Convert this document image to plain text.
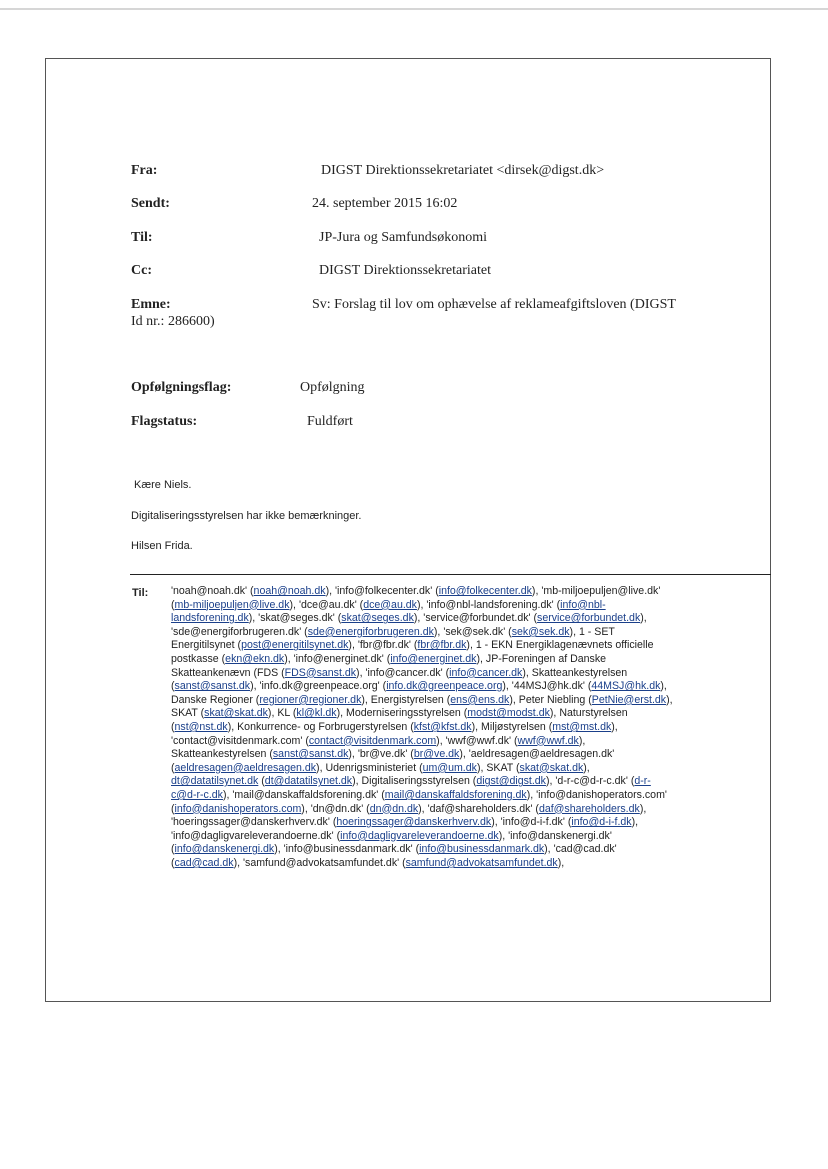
Fra:	DIGST Direktionssekretariatet <dirsek@digst.dk>
Sendt:	24. september 2015 16:02
Til:	JP-Jura og Samfundsøkonomi
Cc:	DIGST Direktionssekretariatet
Emne:	Sv: Forslag til lov om ophævelse af reklameafgiftsloven (DIGST
Id nr.: 286600)
Opfølgningsflag:	Opfølgning
Flagstatus:	Fuldført
Kære Niels.
Digitaliseringsstyrelsen har ikke bemærkninger.
Hilsen Frida.
Til: 'noah@noah.dk' (noah@noah.dk), 'info@folkecenter.dk' (info@folkecenter.dk), 'mb-miljoepuljen@live.dk' (mb-miljoepuljen@live.dk), 'dce@au.dk' (dce@au.dk), 'info@nbl-landsforening.dk' (info@nbl-landsforening.dk), 'skat@seges.dk' (skat@seges.dk), 'service@forbundet.dk' (service@forbundet.dk), 'sde@energiforbrugeren.dk' (sde@energiforbrugeren.dk), 'sek@sek.dk' (sek@sek.dk), 1 - SET Energitilsynet (post@energitilsynet.dk), 'fbr@fbr.dk' (fbr@fbr.dk), 1 - EKN Energiklagenævnets officielle postkasse (ekn@ekn.dk), 'info@energinet.dk' (info@energinet.dk), JP-Foreningen af Danske Skatteankenævn (FDS (FDS@sanst.dk), 'info@cancer.dk' (info@cancer.dk), Skatteankestyrelsen (sanst@sanst.dk), 'info.dk@greenpeace.org' (info.dk@greenpeace.org), '44MSJ@hk.dk' (44MSJ@hk.dk), Danske Regioner (regioner@regioner.dk), Energistyrelsen (ens@ens.dk), Peter Niebling (PetNie@erst.dk), SKAT (skat@skat.dk), KL (kl@kl.dk), Moderniseringsstyrelsen (modst@modst.dk), Naturstyrelsen (nst@nst.dk), Konkurrence- og Forbrugerstyrelsen (kfst@kfst.dk), Miljøstyrelsen (mst@mst.dk), 'contact@visitdenmark.com' (contact@visitdenmark.com), 'wwf@wwf.dk' (wwf@wwf.dk), Skatteankestyrelsen (sanst@sanst.dk), 'br@ve.dk' (br@ve.dk), 'aeldresagen@aeldresagen.dk' (aeldresagen@aeldresagen.dk), Udenrigsministeriet (um@um.dk), SKAT (skat@skat.dk), dt@datatilsynet.dk (dt@datatilsynet.dk), Digitaliseringsstyrelsen (digst@digst.dk), 'd-r-c@d-r-c.dk' (d-r-c@d-r-c.dk), 'mail@danskaffaldsforening.dk' (mail@danskaffaldsforening.dk), 'info@danishoperators.com' (info@danishoperators.com), 'dn@dn.dk' (dn@dn.dk), 'daf@shareholders.dk' (daf@shareholders.dk), 'hoeringssager@danskerhverv.dk' (hoeringssager@danskerhverv.dk), 'info@d-i-f.dk' (info@d-i-f.dk), 'info@dagligvareleverandoerne.dk' (info@dagligvareleverandoerne.dk), 'info@danskenergi.dk' (info@danskenergi.dk), 'info@businessdanmark.dk' (info@businessdanmark.dk), 'cad@cad.dk' (cad@cad.dk), 'samfund@advokatsamfundet.dk' (samfund@advokatsamfundet.dk),
